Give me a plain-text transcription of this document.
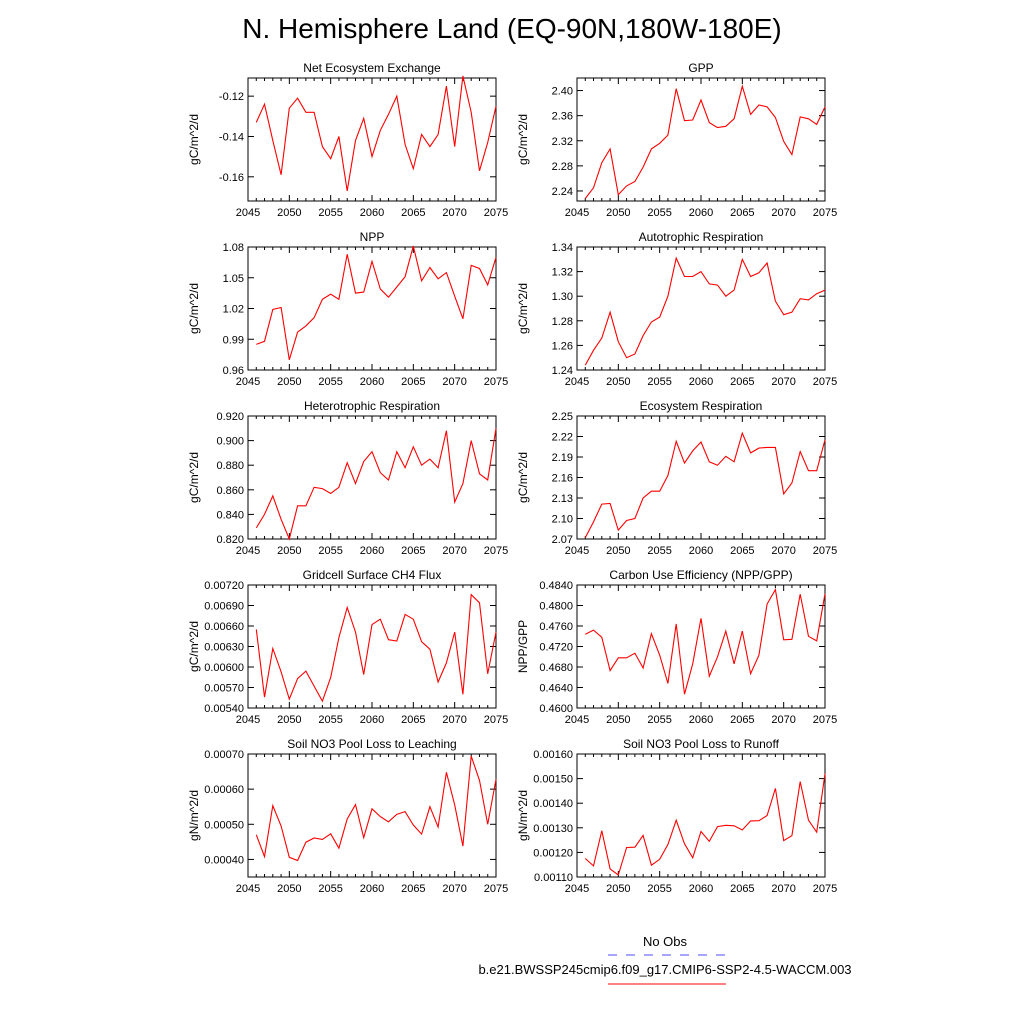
N. Hemisphere Land (EQ-90N,180W-180E)
Net Ecosystem Exchange
gC/m^2/d
2045 2050 2055 2060 2065 2070 2075
-0.12
-0.14
-0.16
GPP
gC/m^2/d
2045 2050 2055 2060 2065 2070 2075
2.24
2.28
2.32
2.36
2.40
NPP
gC/m^2/d
2045 2050 2055 2060 2065 2070 2075
0.96
0.99
1.02
1.05
1.08
Autotrophic Respiration
gC/m^2/d
2045 2050 2055 2060 2065 2070 2075
1.24
1.26
1.28
1.30
1.32
1.34
Heterotrophic Respiration
gC/m^2/d
2045 2050 2055 2060 2065 2070 2075
0.820
0.840
0.860
0.880
0.900
0.920
Ecosystem Respiration
gC/m^2/d
2045 2050 2055 2060 2065 2070 2075
2.07
2.10
2.13
2.16
2.19
2.22
2.25
Gridcell Surface CH4 Flux
gC/m^2/d
2045 2050 2055 2060 2065 2070 2075
0.00540
0.00570
0.00600
0.00630
0.00660
0.00690
0.00720
Carbon Use Efficiency (NPP/GPP)
NPP/GPP
2045 2050 2055 2060 2065 2070 2075
0.4600
0.4640
0.4680
0.4720
0.4760
0.4800
0.4840
Soil NO3 Pool Loss to Leaching
gN/m^2/d
2045 2050 2055 2060 2065 2070 2075
0.00040
0.00050
0.00060
0.00070
Soil NO3 Pool Loss to Runoff
gN/m^2/d
2045 2050 2055 2060 2065 2070 2075
0.00110
0.00120
0.00130
0.00140
0.00150
0.00160
No Obs
b.e21.BWSSP245cmip6.f09_g17.CMIP6-SSP2-4.5-WACCM.003
